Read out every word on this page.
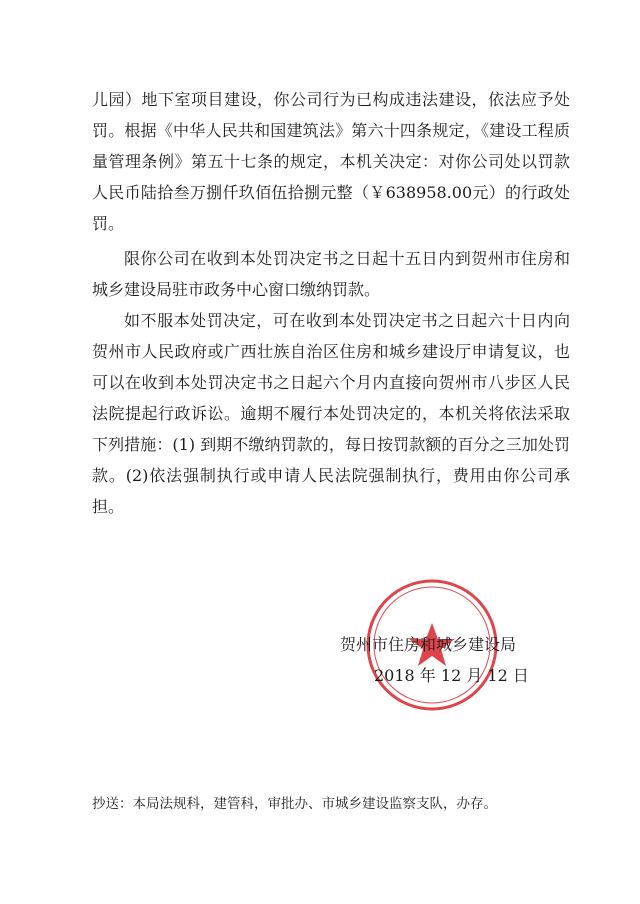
儿园）地下室项目建设，你公司行为已构成违法建设，依法应予处罚。根据《中华人民共和国建筑法》第六十四条规定，《建设工程质量管理条例》第五十七条的规定，本机关决定：对你公司处以罚款人民币陆拾叁万捌仟玖佰伍拾捌元整（￥638958.00元）的行政处罚。

限你公司在收到本处罚决定书之日起十五日内到贺州市住房和城乡建设局驻市政务中心窗口缴纳罚款。

如不服本处罚决定，可在收到本处罚决定书之日起六十日内向贺州市人民政府或广西壮族自治区住房和城乡建设厅申请复议，也可以在收到本处罚决定书之日起六个月内直接向贺州市八步区人民法院提起行政诉讼。逾期不履行本处罚决定的，本机关将依法采取下列措施：(1) 到期不缴纳罚款的，每日按罚款额的百分之三加处罚款。(2)依法强制执行或申请人民法院强制执行，费用由你公司承担。

贺州市住房和城乡建设局
2018 年 12 月 12 日
抄送：本局法规科，建管科，审批办、市城乡建设监察支队，办存。
